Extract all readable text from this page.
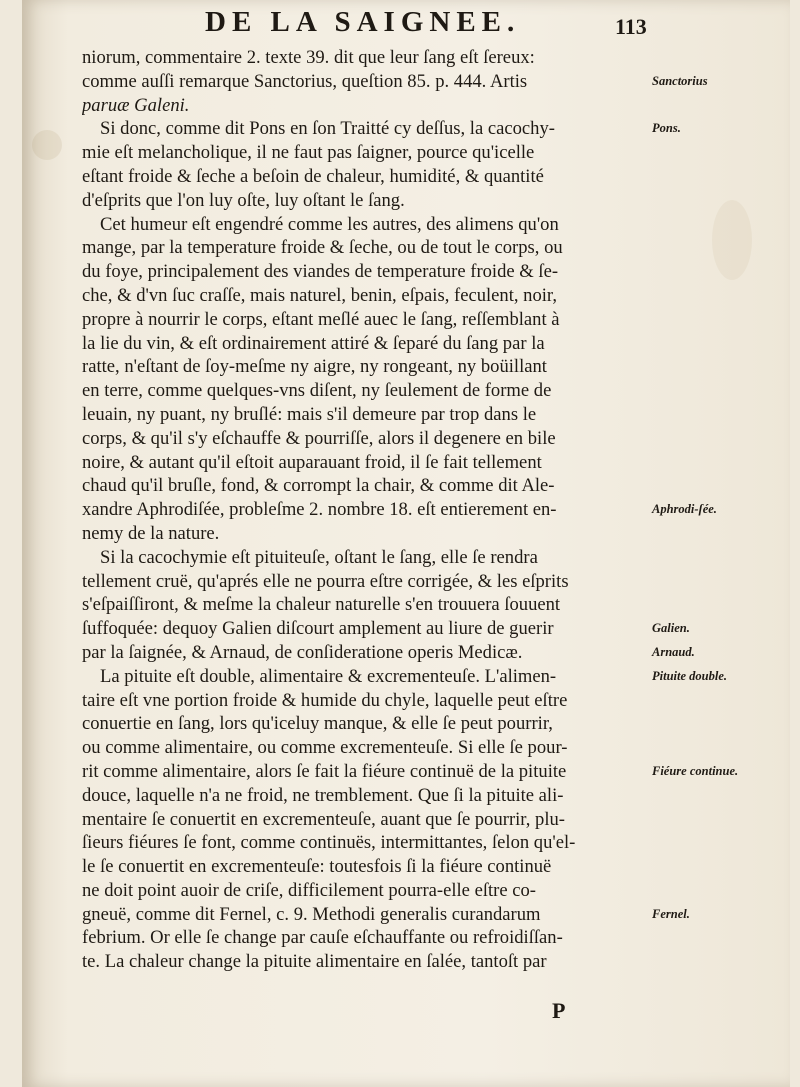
DE LA SAIGNEE.	113
niorum, commentaire 2. texte 39. dit que leur ſang eſt ſereux:
comme auſſi remarque Sanctorius, queſtion 85. p. 444. Artis
paruæ Galeni.
Si donc, comme dit Pons en ſon Traitté cy deſſus, la cacochy-
mie eſt melancholique, il ne faut pas ſaigner, pource qu'icelle
eſtant froide & ſeche a beſoin de chaleur, humidité, & quantité
d'eſprits que l'on luy oſte, luy oſtant le ſang.
Cet humeur eſt engendré comme les autres, des alimens qu'on
mange, par la temperature froide & ſeche, ou de tout le corps, ou
du foye, principalement des viandes de temperature froide & ſe-
che, & d'vn ſuc craſſe, mais naturel, benin, eſpais, feculent, noir,
propre à nourrir le corps, eſtant meſlé auec le ſang, reſſemblant à
la lie du vin, & eſt ordinairement attiré & ſeparé du ſang par la
ratte, n'eſtant de ſoy-meſme ny aigre, ny rongeant, ny boüillant
en terre, comme quelques-vns diſent, ny ſeulement de forme de
leuain, ny puant, ny bruſlé: mais s'il demeure par trop dans le
corps, & qu'il s'y eſchauffe & pourriſſe, alors il degenere en bile
noire, & autant qu'il eſtoit auparauant froid, il ſe fait tellement
chaud qu'il bruſle, fond, & corrompt la chair, & comme dit Ale-
xandre Aphrodiſée, probleſme 2. nombre 18. eſt entierement en-
nemy de la nature.
Si la cacochymie eſt pituiteuſe, oſtant le ſang, elle ſe rendra
tellement cruë, qu'aprés elle ne pourra eſtre corrigée, & les eſprits
s'eſpaiſſiront, & meſme la chaleur naturelle s'en trouuera ſouuent
ſuffoquée: dequoy Galien diſcourt amplement au liure de guerir
par la ſaignée, & Arnaud, de conſideratione operis Medicæ.
La pituite eſt double, alimentaire & excrementeuſe. L'alimen-
taire eſt vne portion froide & humide du chyle, laquelle peut eſtre
conuertie en ſang, lors qu'iceluy manque, & elle ſe peut pourrir,
ou comme alimentaire, ou comme excrementeuſe. Si elle ſe pour-
rit comme alimentaire, alors ſe fait la fiéure continuë de la pituite
douce, laquelle n'a ne froid, ne tremblement. Que ſi la pituite ali-
mentaire ſe conuertit en excrementeuſe, auant que ſe pourrir, plu-
ſieurs fiéures ſe font, comme continuës, intermittantes, ſelon qu'el-
le ſe conuertit en excrementeuſe: toutesfois ſi la fiéure continuë
ne doit point auoir de criſe, difficilement pourra-elle eſtre co-
gneuë, comme dit Fernel, c. 9. Methodi generalis curandarum
febrium. Or elle ſe change par cauſe eſchauffante ou refroidiſſan-
te. La chaleur change la pituite alimentaire en ſalée, tantoſt par
Sanctorius
Pons.
Aphrodi-ſée.
Galien.
Arnaud.
Pituite double.
Fiéure continue.
Fernel.
P
